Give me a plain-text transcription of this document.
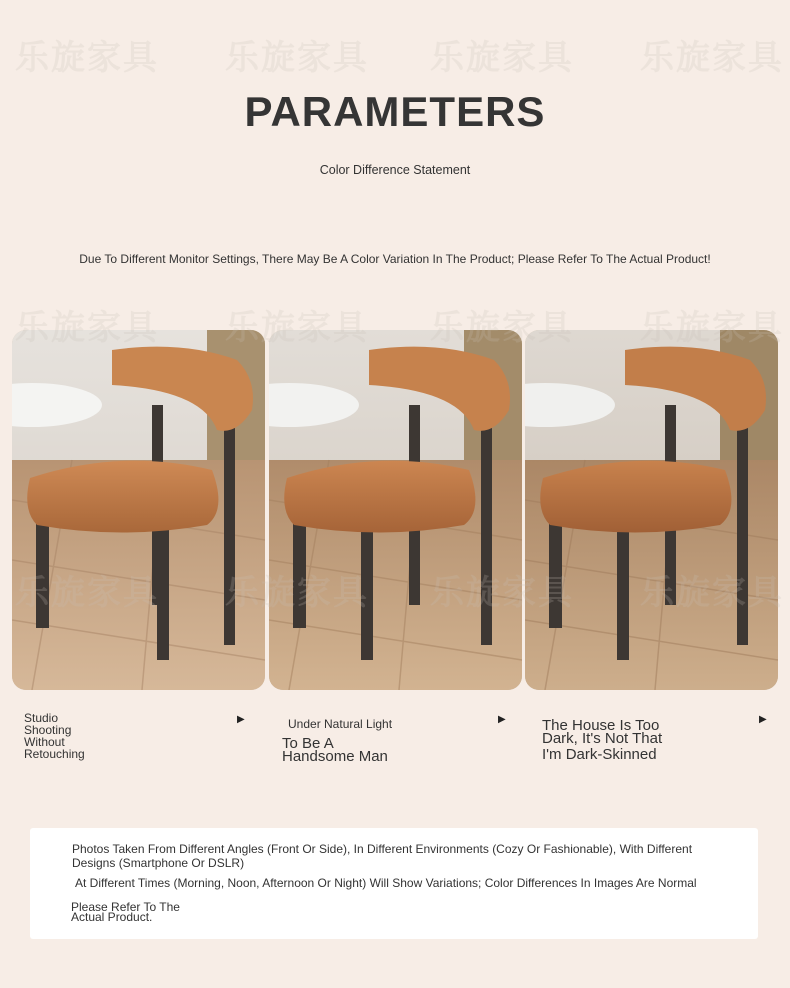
乐旋家具 乐旋家具 乐旋家具 乐旋家具
PARAMETERS
Color Difference Statement
Due To Different Monitor Settings, There May Be A Color Variation In The Product; Please Refer To The Actual Product!
乐旋家具 乐旋家具 乐旋家具 乐旋家具
乐旋家具 乐旋家具 乐旋家具 乐旋家具
Studio
Shooting
Without
Retouching
▶	Under Natural Light
To Be A
Handsome Man
▶ The House Is Too
Dark, It's Not That
I'm Dark-Skinned
▶
Photos Taken From Different Angles (Front Or Side), In Different Environments (Cozy Or Fashionable), With Different
Designs (Smartphone Or DSLR)
At Different Times (Morning, Noon, Afternoon Or Night) Will Show Variations; Color Differences In Images Are Normal
Please Refer To The
Actual Product.
